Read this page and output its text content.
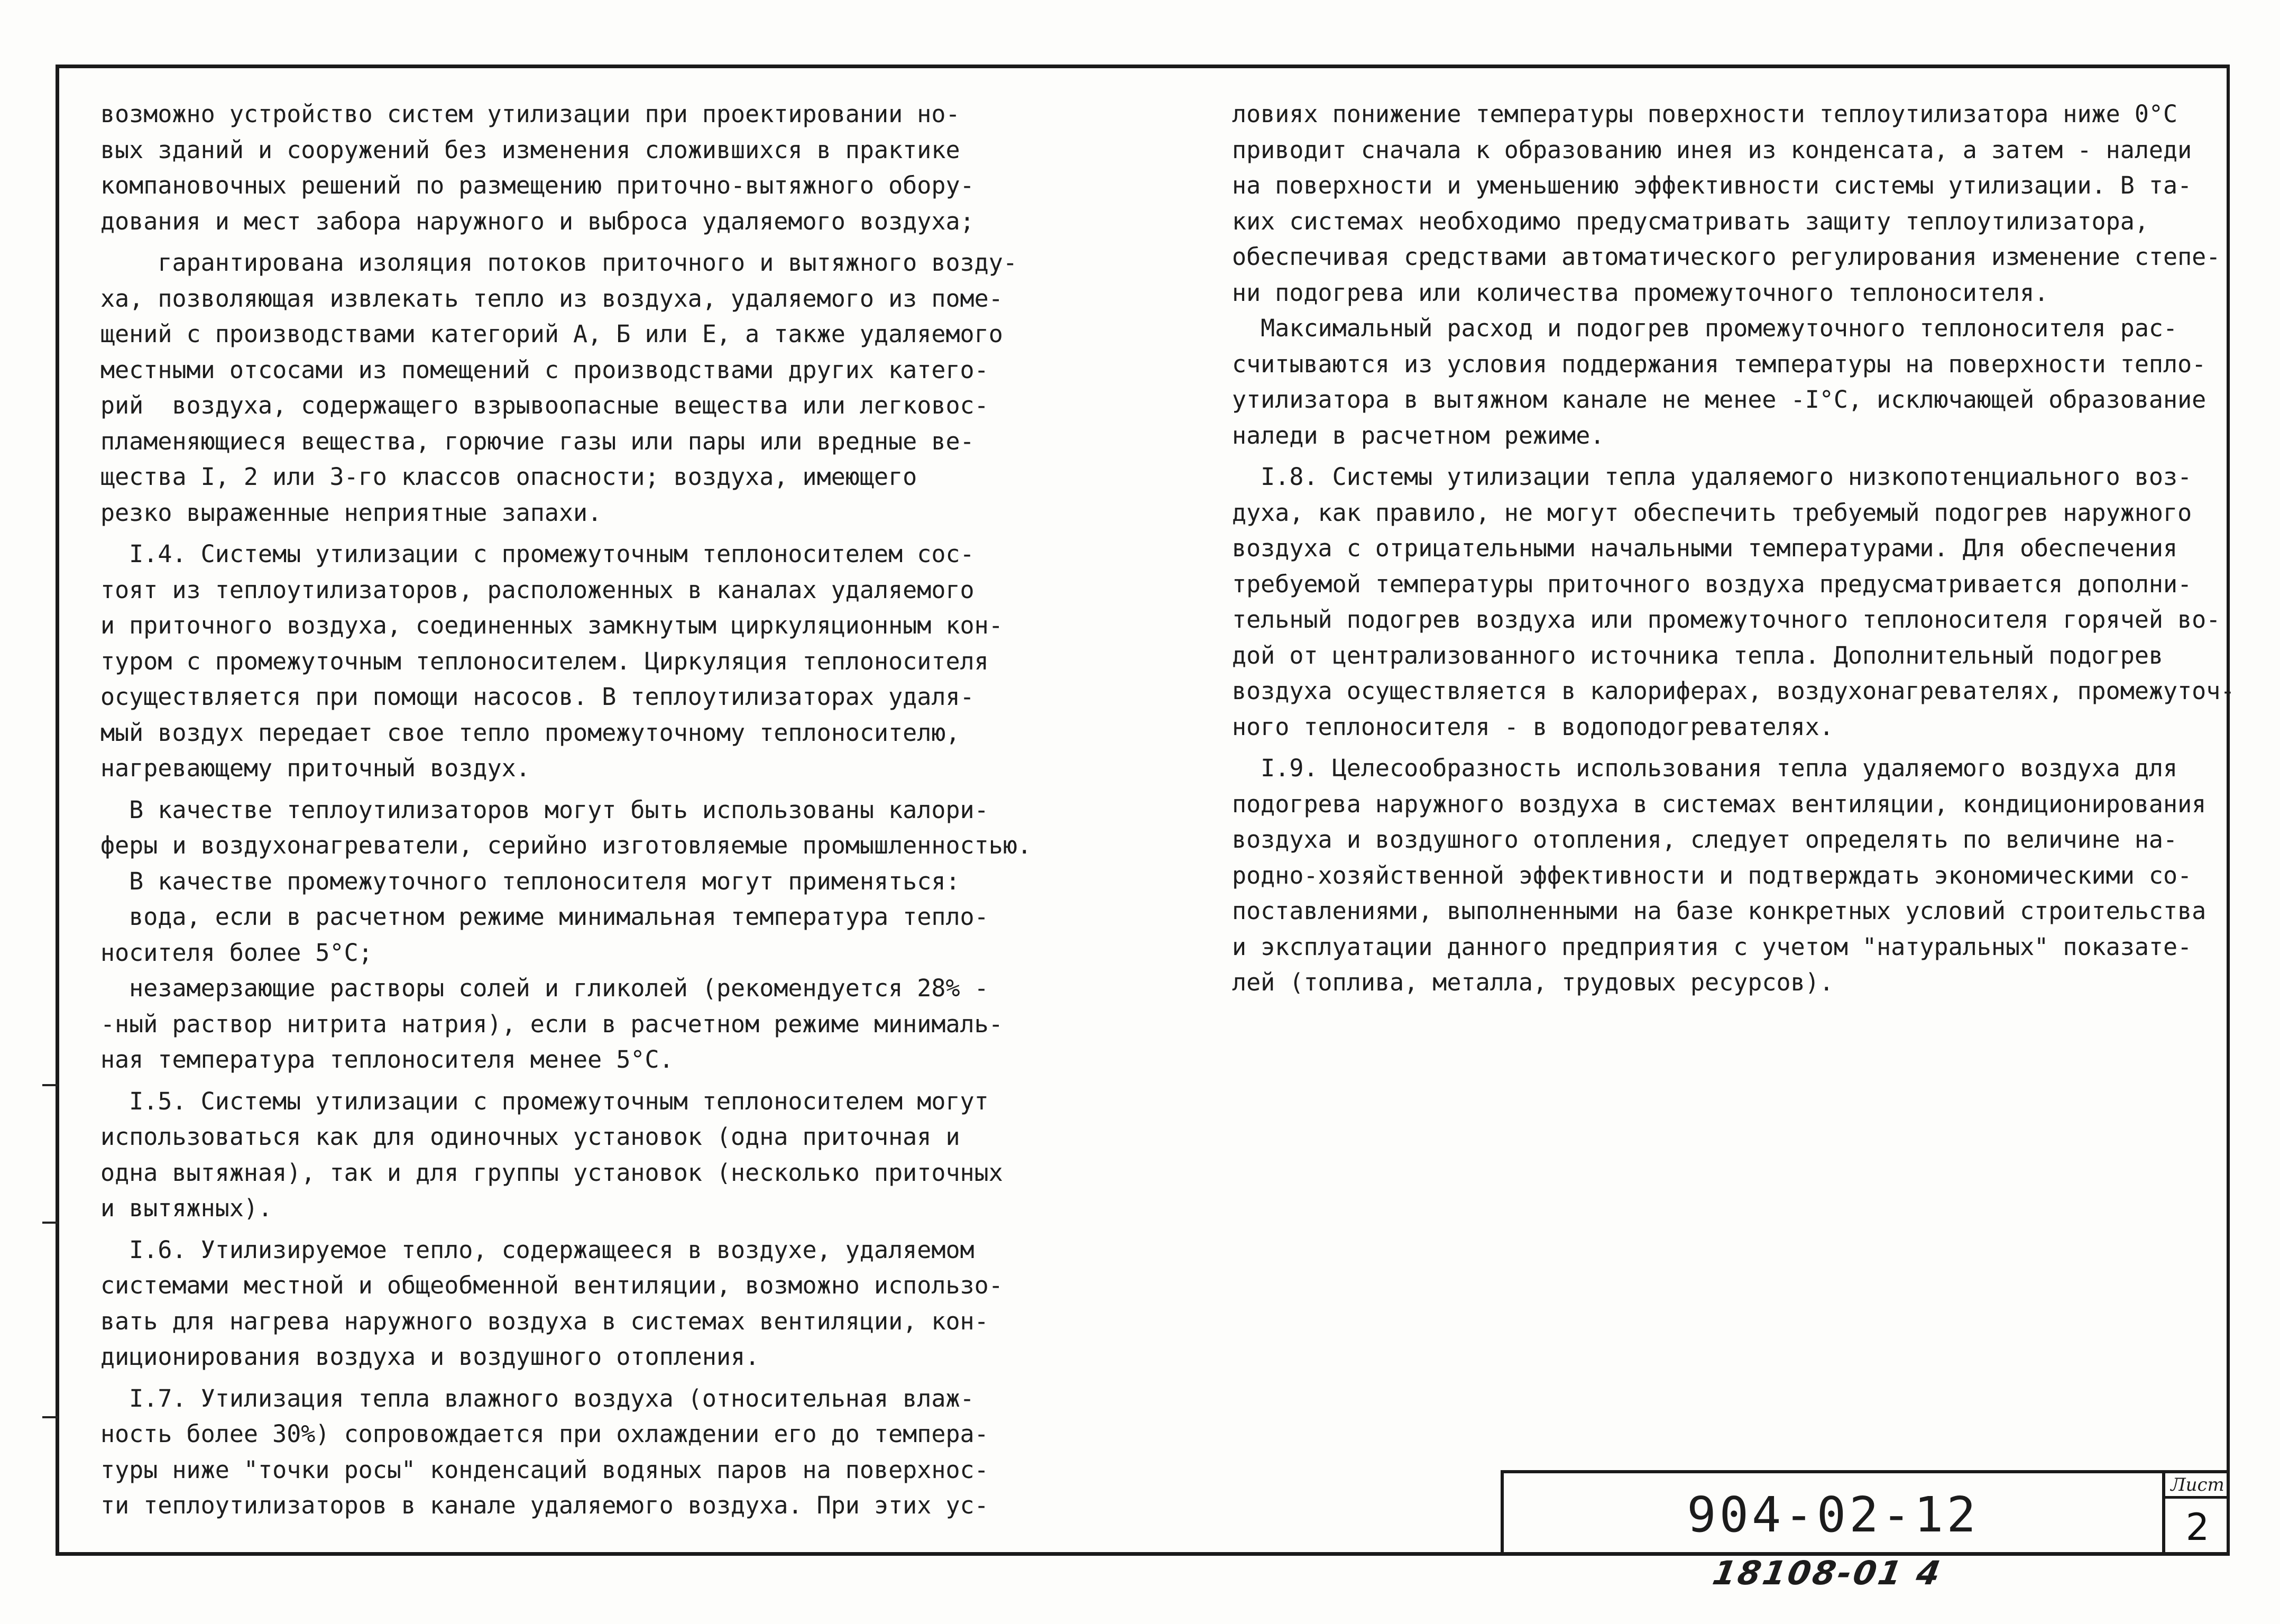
возможно устройство систем утилизации при проектировании но-
вых зданий и сооружений без изменения сложившихся в практике
компановочных решений по размещению приточно-вытяжного обору-
дования и мест забора наружного и выброса удаляемого воздуха;
гарантирована изоляция потоков приточного и вытяжного возду-
ха, позволяющая извлекать тепло из воздуха, удаляемого из поме-
щений с производствами категорий А, Б или Е, а также удаляемого
местными отсосами из помещений с производствами других катего-
рий  воздуха, содержащего взрывоопасные вещества или легковос-
пламеняющиеся вещества, горючие газы или пары или вредные ве-
щества I, 2 или 3-го классов опасности; воздуха, имеющего
резко выраженные неприятные запахи.
I.4. Системы утилизации с промежуточным теплоносителем сос-
тоят из теплоутилизаторов, расположенных в каналах удаляемого
и приточного воздуха, соединенных замкнутым циркуляционным кон-
туром с промежуточным теплоносителем. Циркуляция теплоносителя
осуществляется при помощи насосов. В теплоутилизаторах удаля-
мый воздух передает свое тепло промежуточному теплоносителю,
нагревающему приточный воздух.
В качестве теплоутилизаторов могут быть использованы калори-
феры и воздухонагреватели, серийно изготовляемые промышленностью.
В качестве промежуточного теплоносителя могут применяться:
вода, если в расчетном режиме минимальная температура тепло-
носителя более 5°C;
незамерзающие растворы солей и гликолей (рекомендуется 28% -
-ный раствор нитрита натрия), если в расчетном режиме минималь-
ная температура теплоносителя менее 5°C.
I.5. Системы утилизации с промежуточным теплоносителем могут
использоваться как для одиночных установок (одна приточная и
одна вытяжная), так и для группы установок (несколько приточных
и вытяжных).
I.6. Утилизируемое тепло, содержащееся в воздухе, удаляемом
системами местной и общеобменной вентиляции, возможно использо-
вать для нагрева наружного воздуха в системах вентиляции, кон-
диционирования воздуха и воздушного отопления.
I.7. Утилизация тепла влажного воздуха (относительная влаж-
ность более 30%) сопровождается при охлаждении его до темпера-
туры ниже "точки росы" конденсаций водяных паров на поверхнос-
ти теплоутилизаторов в канале удаляемого воздуха. При этих ус-
ловиях понижение температуры поверхности теплоутилизатора ниже 0°C
приводит сначала к образованию инея из конденсата, а затем - наледи
на поверхности и уменьшению эффективности системы утилизации. В та-
ких системах необходимо предусматривать защиту теплоутилизатора,
обеспечивая средствами автоматического регулирования изменение степе-
ни подогрева или количества промежуточного теплоносителя.
Максимальный расход и подогрев промежуточного теплоносителя рас-
считываются из условия поддержания температуры на поверхности тепло-
утилизатора в вытяжном канале не менее -I°C, исключающей образование
наледи в расчетном режиме.
I.8. Системы утилизации тепла удаляемого низкопотенциального воз-
духа, как правило, не могут обеспечить требуемый подогрев наружного
воздуха с отрицательными начальными температурами. Для обеспечения
требуемой температуры приточного воздуха предусматривается дополни-
тельный подогрев воздуха или промежуточного теплоносителя горячей во-
дой от централизованного источника тепла. Дополнительный подогрев
воздуха осуществляется в калориферах, воздухонагревателях, промежуточ-
ного теплоносителя - в водоподогревателях.
I.9. Целесообразность использования тепла удаляемого воздуха для
подогрева наружного воздуха в системах вентиляции, кондиционирования
воздуха и воздушного отопления, следует определять по величине на-
родно-хозяйственной эффективности и подтверждать экономическими со-
поставлениями, выполненными на базе конкретных условий строительства
и эксплуатации данного предприятия с учетом "натуральных" показате-
лей (топлива, металла, трудовых ресурсов).
904-02-12
Лист
2
18108-01 4
